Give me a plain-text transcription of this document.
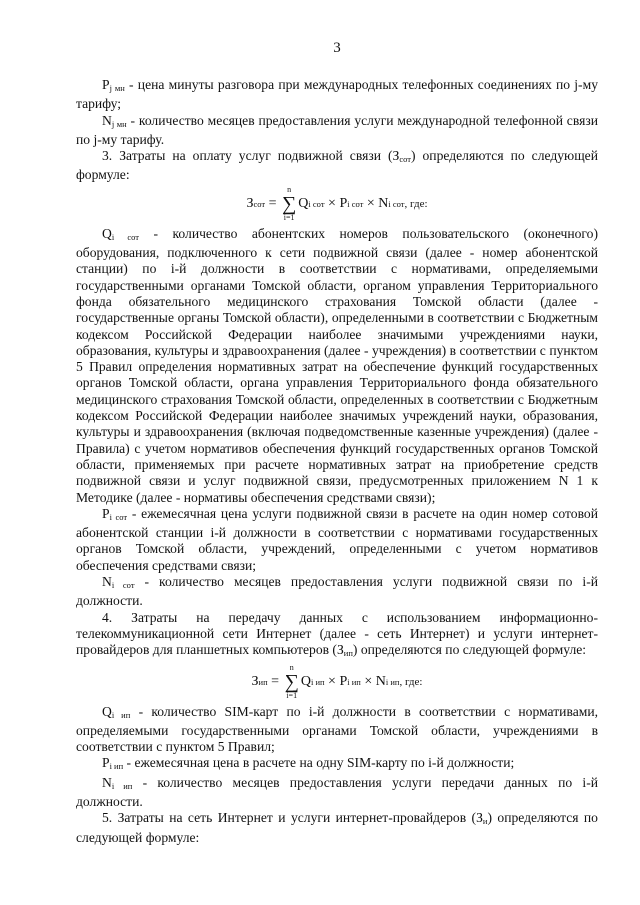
3

$P_{j мн}$ - цена минуты разговора при международных телефонных соединениях по j-му тарифу;

$N_{j мн}$ - количество месяцев предоставления услуги международной телефонной связи по j-му тарифу.

3. Затраты на оплату услуг подвижной связи $(З_{сот})$ определяются по следующей формуле:

З сот =
n
∑
i=1
Q i сот × P i сот × N i сот , где:

$Q_{i сот}$ - количество абонентских номеров пользовательского (оконечного) оборудования, подключенного к сети подвижной связи (далее - номер абонентской станции) по i-й должности в соответствии с нормативами, определяемыми государственными органами Томской области, органом управления Территориального фонда обязательного медицинского страхования Томской области (далее - государственные органы Томской области), определенными в соответствии с Бюджетным кодексом Российской Федерации наиболее значимыми учреждениями науки, образования, культуры и здравоохранения (далее - учреждения) в соответствии с пунктом 5 Правил определения нормативных затрат на обеспечение функций государственных органов Томской области, органа управления Территориального фонда обязательного медицинского страхования Томской области, определенных в соответствии с Бюджетным кодексом Российской Федерации наиболее значимых учреждений науки, образования, культуры и здравоохранения (включая подведомственные казенные учреждения) (далее - Правила) с учетом нормативов обеспечения функций государственных органов Томской области, применяемых при расчете нормативных затрат на приобретение средств подвижной связи и услуг подвижной связи, предусмотренных приложением N 1 к Методике (далее - нормативы обеспечения средствами связи);

$P_{i сот}$ - ежемесячная цена услуги подвижной связи в расчете на один номер сотовой абонентской станции i-й должности в соответствии с нормативами государственных органов Томской области, учреждений, определенными с учетом нормативов обеспечения средствами связи;

$N_{i сот}$ - количество месяцев предоставления услуги подвижной связи по i-й должности.

4. Затраты на передачу данных с использованием информационно-телекоммуникационной сети Интернет (далее - сеть Интернет) и услуги интернет-провайдеров для планшетных компьютеров $(З_{ип})$ определяются по следующей формуле:

З ип =
n
∑
i=1
Q i ип × P i ип × N i ип , где:

$Q_{i ип}$ - количество SIM-карт по i-й должности в соответствии с нормативами, определяемыми государственными органами Томской области, учреждениями в соответствии с пунктом 5 Правил;

$P_{i ип}$ - ежемесячная цена в расчете на одну SIM-карту по i-й должности;

$N_{i ип}$ - количество месяцев предоставления услуги передачи данных по i-й должности.

5. Затраты на сеть Интернет и услуги интернет-провайдеров $(З_и)$ определяются по следующей формуле:
